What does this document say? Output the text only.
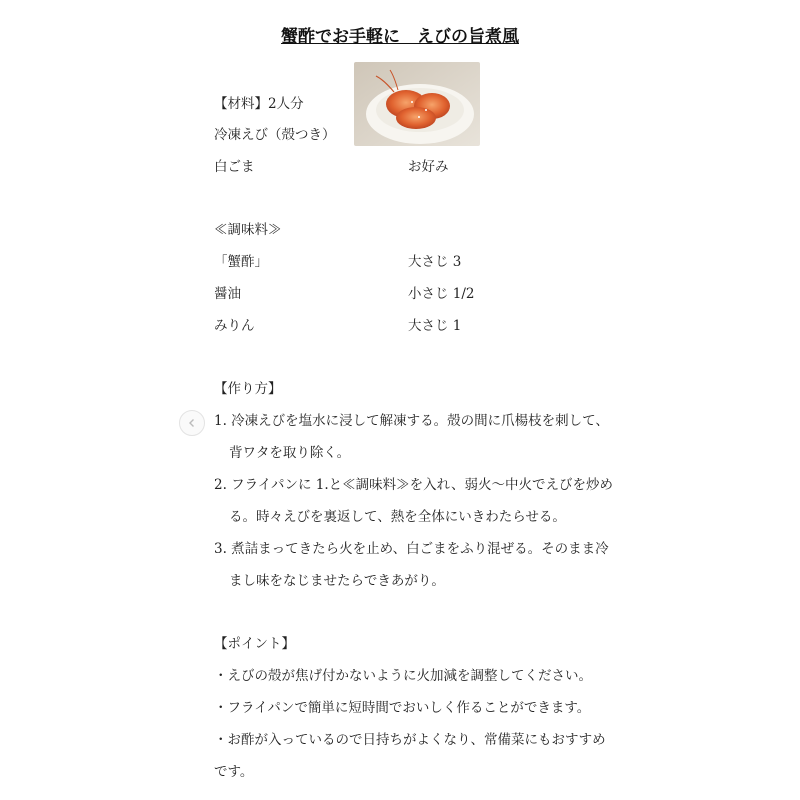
蟹酢でお手軽に　えびの旨煮風
【材料】2人分
冷凍えび（殻つき）
白ごま	お好み
≪調味料≫
「蟹酢」	大さじ 3
醤油	小さじ 1/2
みりん	大さじ 1
【作り方】
1. 冷凍えびを塩水に浸して解凍する。殻の間に爪楊枝を刺して、
背ワタを取り除く。
2. フライパンに 1.と≪調味料≫を入れ、弱火～中火でえびを炒め
る。時々えびを裏返して、熱を全体にいきわたらせる。
3. 煮詰まってきたら火を止め、白ごまをふり混ぜる。そのまま冷
まし味をなじませたらできあがり。
【ポイント】
・えびの殻が焦げ付かないように火加減を調整してください。
・フライパンで簡単に短時間でおいしく作ることができます。
・お酢が入っているので日持ちがよくなり、常備菜にもおすすめ
です。
